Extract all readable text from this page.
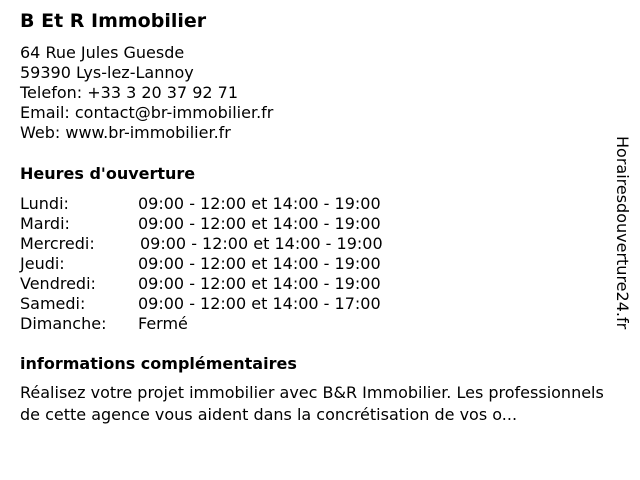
B Et R Immobilier
64 Rue Jules Guesde
59390 Lys-lez-Lannoy
Telefon: +33 3 20 37 92 71
Email: contact@br-immobilier.fr
Web: www.br-immobilier.fr
Heures d'ouverture
Lundi:	09:00 - 12:00 et 14:00 - 19:00
Mardi:	09:00 - 12:00 et 14:00 - 19:00
Mercredi:	09:00 - 12:00 et 14:00 - 19:00
Jeudi:	09:00 - 12:00 et 14:00 - 19:00
Vendredi:	09:00 - 12:00 et 14:00 - 19:00
Samedi:	09:00 - 12:00 et 14:00 - 17:00
Dimanche: Fermé
informations complémentaires
Réalisez votre projet immobilier avec B&R Immobilier. Les professionnels de cette agence vous aident dans la concrétisation de vos o...
Horairesdouverture24.fr
